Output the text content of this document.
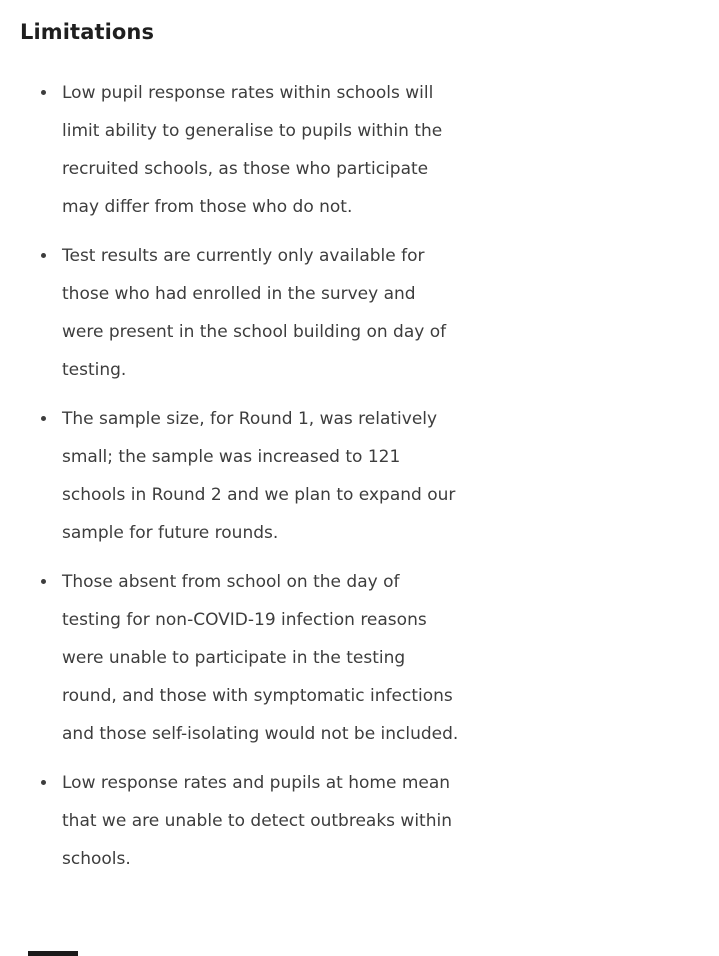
Limitations
• Low pupil response rates within schools will limit ability to generalise to pupils within the recruited schools, as those who participate may differ from those who do not.
• Test results are currently only available for those who had enrolled in the survey and were present in the school building on day of testing.
• The sample size, for Round 1, was relatively small; the sample was increased to 121 schools in Round 2 and we plan to expand our sample for future rounds.
• Those absent from school on the day of testing for non-COVID-19 infection reasons were unable to participate in the testing round, and those with symptomatic infections and those self-isolating would not be included.
• Low response rates and pupils at home mean that we are unable to detect outbreaks within schools.
